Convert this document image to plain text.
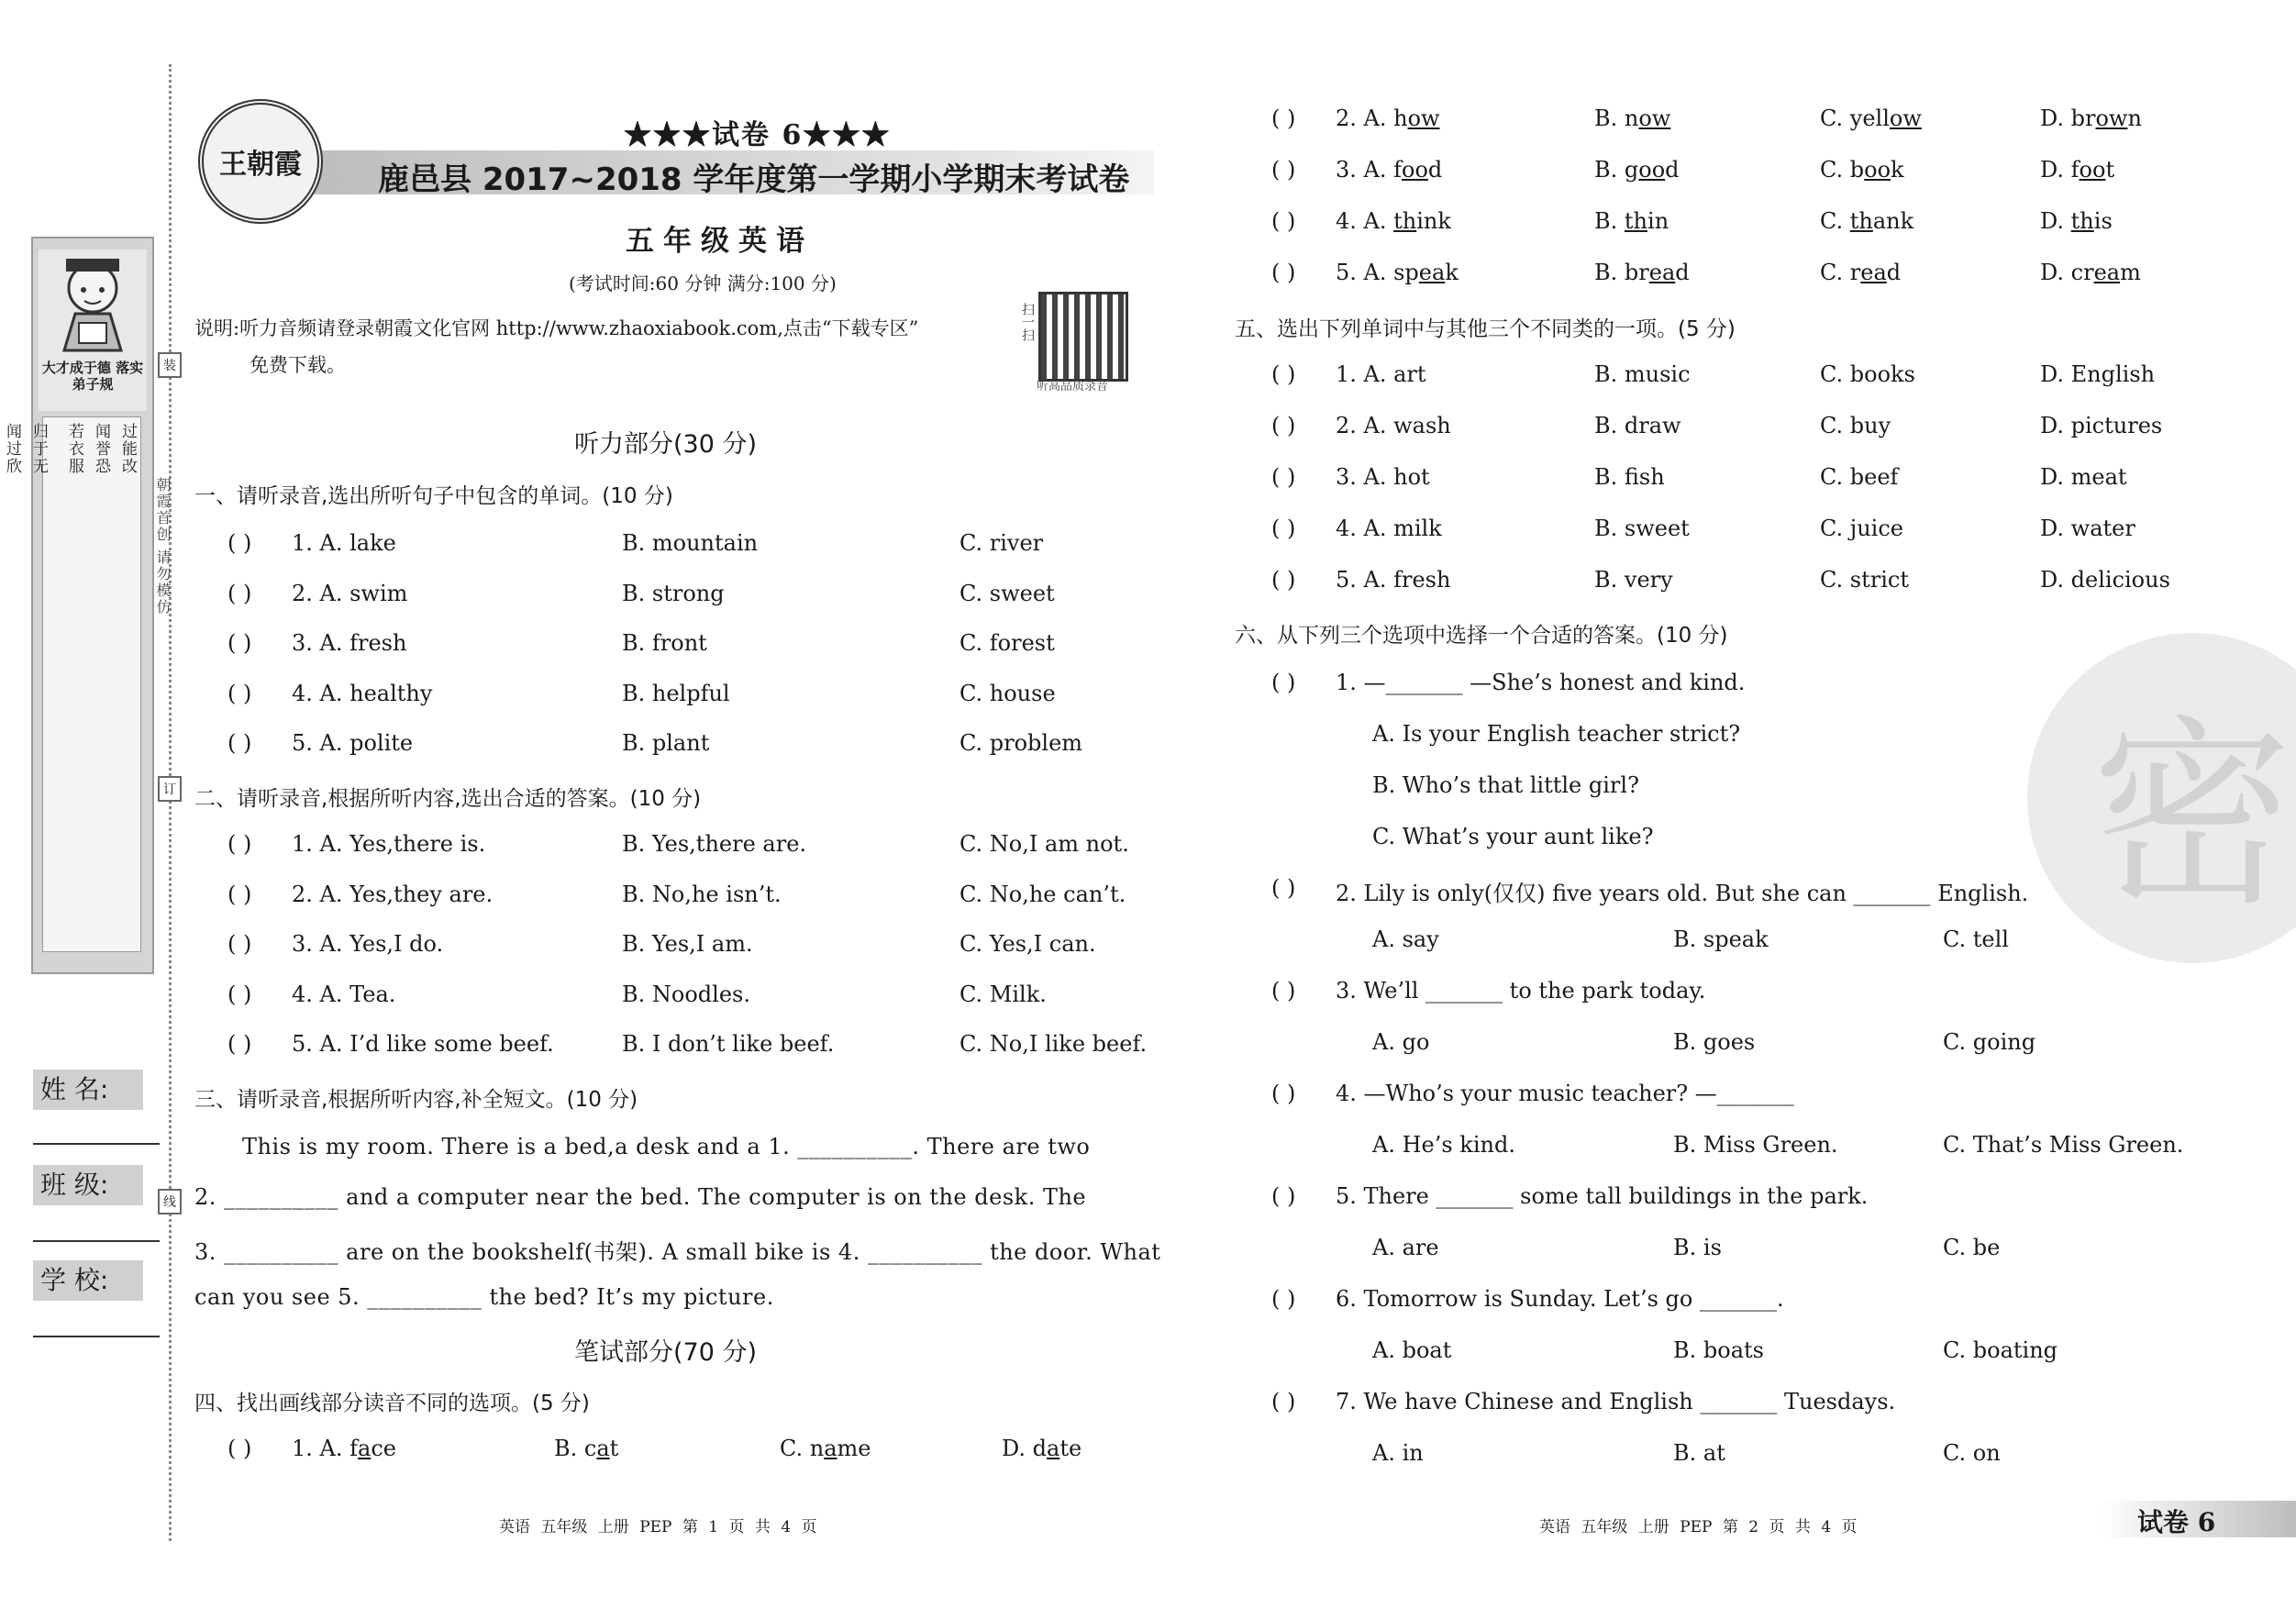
装
订
线
朝霞首创 请勿模仿
大才成于德 落实弟子规
过能改
闻誉恐
若衣服
归于无
闻过欣
姓 名:
班 级:
学 校:
王朝霞
★★★试卷 6★★★
鹿邑县 2017~2018 学年度第一学期小学期末考试卷
五年级英语
(考试时间:60 分钟 满分:100 分)
说明:听力音频请登录朝霞文化官网 http://www.zhaoxiabook.com,点击“下载专区”
免费下载。
扫一扫
听高品质录音
听力部分(30 分)
一、请听录音,选出所听句子中包含的单词。(10 分)
( ) 1. A. lake	B. mountain	C. river
( ) 2. A. swim	B. strong	C. sweet
( ) 3. A. fresh	B. front	C. forest
( ) 4. A. healthy	B. helpful	C. house
( ) 5. A. polite	B. plant	C. problem
二、请听录音,根据所听内容,选出合适的答案。(10 分)
( ) 1. A. Yes,there is.	B. Yes,there are.	C. No,I am not.
( ) 2. A. Yes,they are.	B. No,he isn’t.	C. No,he can’t.
( ) 3. A. Yes,I do.	B. Yes,I am.	C. Yes,I can.
( ) 4. A. Tea.	B. Noodles.	C. Milk.
( ) 5. A. I’d like some beef.	B. I don’t like beef.	C. No,I like beef.
三、请听录音,根据所听内容,补全短文。(10 分)
This is my room. There is a bed,a desk and a 1. __________. There are two
2. __________ and a computer near the bed. The computer is on the desk. The
3. __________ are on the bookshelf(书架). A small bike is 4. __________ the door. What
can you see 5. __________ the bed? It’s my picture.
笔试部分(70 分)
四、找出画线部分读音不同的选项。(5 分)
( ) 1. A. face	B. cat	C. name	D. date
( ) 2. A. how	B. now	C. yellow	D. brown
( ) 3. A. food	B. good	C. book	D. foot
( ) 4. A. think	B. thin	C. thank	D. this
( ) 5. A. speak	B. bread	C. read	D. cream
五、选出下列单词中与其他三个不同类的一项。(5 分)
( ) 1. A. art	B. music	C. books	D. English
( ) 2. A. wash	B. draw	C. buy	D. pictures
( ) 3. A. hot	B. fish	C. beef	D. meat
( ) 4. A. milk	B. sweet	C. juice	D. water
( ) 5. A. fresh	B. very	C. strict	D. delicious
六、从下列三个选项中选择一个合适的答案。(10 分)
( ) 1. —_______ —She’s honest and kind.
A. Is your English teacher strict?
B. Who’s that little girl?
C. What’s your aunt like?
( ) 2. Lily is only(仅仅) five years old. But she can _______ English.
A. say	B. speak	C. tell
( ) 3. We’ll _______ to the park today.
A. go	B. goes	C. going
( ) 4. —Who’s your music teacher? —_______
A. He’s kind.	B. Miss Green.	C. That’s Miss Green.
( ) 5. There _______ some tall buildings in the park.
A. are	B. is	C. be
( ) 6. Tomorrow is Sunday. Let’s go _______.
A. boat	B. boats	C. boating
( ) 7. We have Chinese and English _______ Tuesdays.
A. in	B. at	C. on
密
英语 五年级 上册 PEP 第 1 页 共 4 页	英语 五年级 上册 PEP 第 2 页 共 4 页	试卷 6
